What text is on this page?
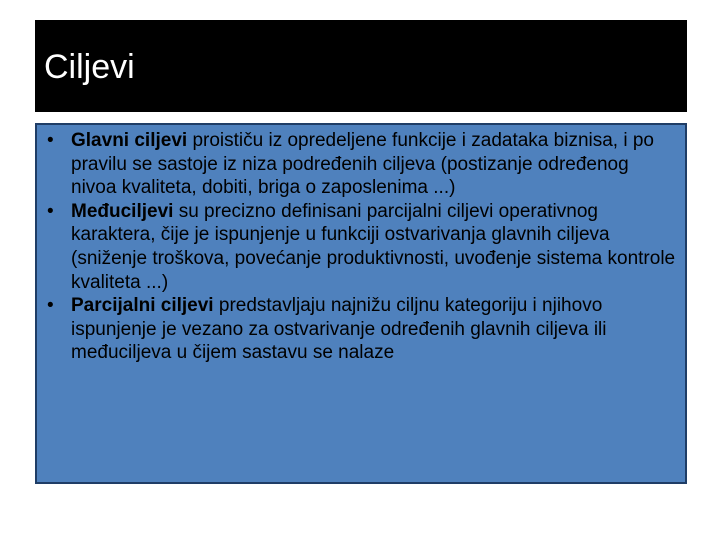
Ciljevi
• Glavni ciljevi proističu iz opredeljene funkcije i zadataka biznisa, i po pravilu se sastoje iz niza podređenih ciljeva (postizanje određenog nivoa kvaliteta, dobiti, briga o zaposlenima ...)
• Međuciljevi su precizno definisani parcijalni ciljevi operativnog karaktera, čije je ispunjenje u funkciji ostvarivanja glavnih ciljeva (sniženje troškova, povećanje produktivnosti, uvođenje sistema kontrole kvaliteta ...)
• Parcijalni ciljevi predstavljaju najnižu ciljnu kategoriju i njihovo ispunjenje je vezano za ostvarivanje određenih glavnih ciljeva ili međuciljeva u čijem sastavu se nalaze
